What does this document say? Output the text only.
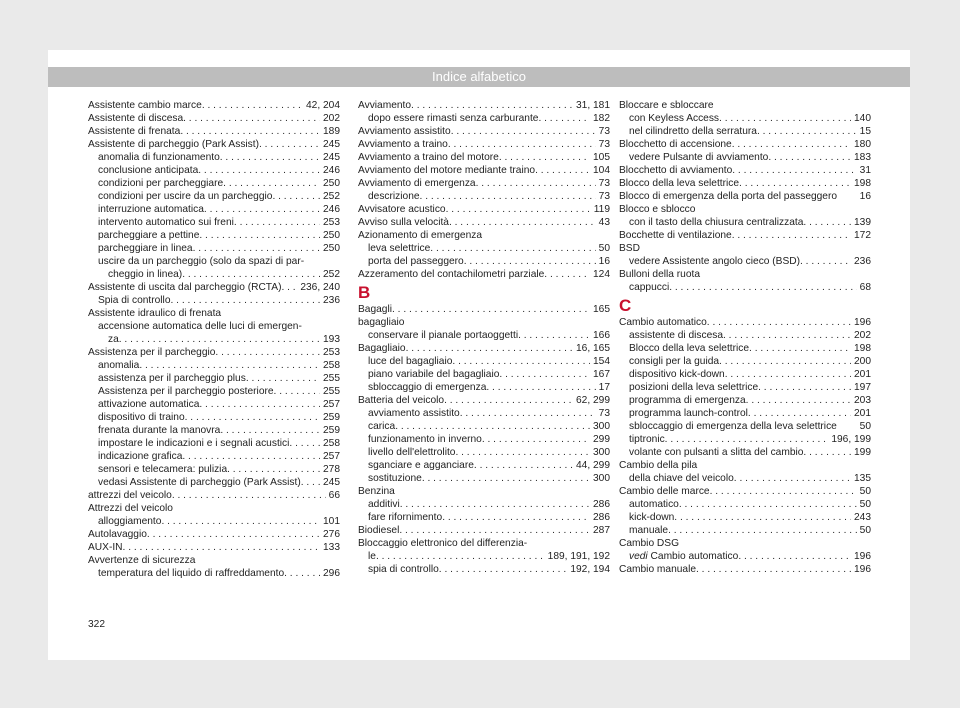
Indice alfabetico
Assistente cambio marce . . .	42, 204
Assistente di discesa . . .	202
Assistente di frenata . . .	189
Assistente di parcheggio (Park Assist) . . .	245
anomalia di funzionamento . . .	245
conclusione anticipata . . .	246
condizioni per parcheggiare . . .	250
condizioni per uscire da un parcheggio . . .	252
interruzione automatica . . .	246
intervento automatico sui freni . . .	253
parcheggiare a pettine . . .	250
parcheggiare in linea . . .	250
uscire da un parcheggio (solo da spazi di par-
cheggio in linea) . . .	252
Assistente di uscita dal parcheggio (RCTA) . . . 236, 240
Spia di controllo . . .	236
Assistente idraulico di frenata
accensione automatica delle luci di emergen-
za . . .	193
Assistenza per il parcheggio . . .	253
anomalia . . .	258
assistenza per il parcheggio plus . . .	255
Assistenza per il parcheggio posteriore . . .	255
attivazione automatica . . .	257
dispositivo di traino . . .	259
frenata durante la manovra . . .	259
impostare le indicazioni e i segnali acustici . . .	258
indicazione grafica . . .	257
sensori e telecamera: pulizia . . .	278
vedasi Assistente di parcheggio (Park Assist) . . . 245
attrezzi del veicolo . . .	66
Attrezzi del veicolo
alloggiamento . . .	101
Autolavaggio . . .	276
AUX-IN . . .	133
Avvertenze di sicurezza
temperatura del liquido di raffreddamento . . .	296
Avviamento . . .	31, 181
dopo essere rimasti senza carburante . . .	182
Avviamento assistito . . .	73
Avviamento a traino . . .	73
Avviamento a traino del motore . . .	105
Avviamento del motore mediante traino . . .	104
Avviamento di emergenza . . .	73
descrizione . . .	73
Avvisatore acustico . . .	119
Avviso sulla velocità . . .	43
Azionamento di emergenza
leva selettrice . . .	50
porta del passeggero . . .	16
Azzeramento del contachilometri parziale . . .	124
B
Bagagli . . .	165
bagagliaio
conservare il pianale portaoggetti . . .	166
Bagagliaio . . .	16, 165
luce del bagagliaio . . .	154
piano variabile del bagagliaio . . .	167
sbloccaggio di emergenza . . .	17
Batteria del veicolo . . .	62, 299
avviamento assistito . . .	73
carica . . .	300
funzionamento in inverno . . .	299
livello dell'elettrolito . . .	300
sganciare e agganciare . . .	44, 299
sostituzione . . .	300
Benzina
additivi . . .	286
fare rifornimento . . .	286
Biodiesel . . .	287
Bloccaggio elettronico del differenzia-
le . . .	189, 191, 192
spia di controllo . . .	192, 194
Bloccare e sbloccare
con Keyless Access . . .	140
nel cilindretto della serratura . . .	15
Blocchetto di accensione . . .	180
vedere Pulsante di avviamento . . .	183
Blocchetto di avviamento . . .	31
Blocco della leva selettrice . . .	198
Blocco di emergenza della porta del passeggero 16
Blocco e sblocco
con il tasto della chiusura centralizzata . . .	139
Bocchette di ventilazione . . .	172
BSD
vedere Assistente angolo cieco (BSD) . . .	236
Bulloni della ruota
cappucci . . .	68
C
Cambio automatico . . .	196
assistente di discesa . . .	202
Blocco della leva selettrice . . .	198
consigli per la guida . . .	200
dispositivo kick-down . . .	201
posizioni della leva selettrice . . .	197
programma di emergenza . . .	203
programma launch-control . . .	201
sbloccaggio di emergenza della leva selettrice 50
tiptronic . . .	196, 199
volante con pulsanti a slitta del cambio . . .	199
Cambio della pila
della chiave del veicolo . . .	135
Cambio delle marce . . .	50
automatico . . .	50
kick-down . . .	243
manuale . . .	50
Cambio DSG
vedi Cambio automatico . . .	196
Cambio manuale . . .	196
322
